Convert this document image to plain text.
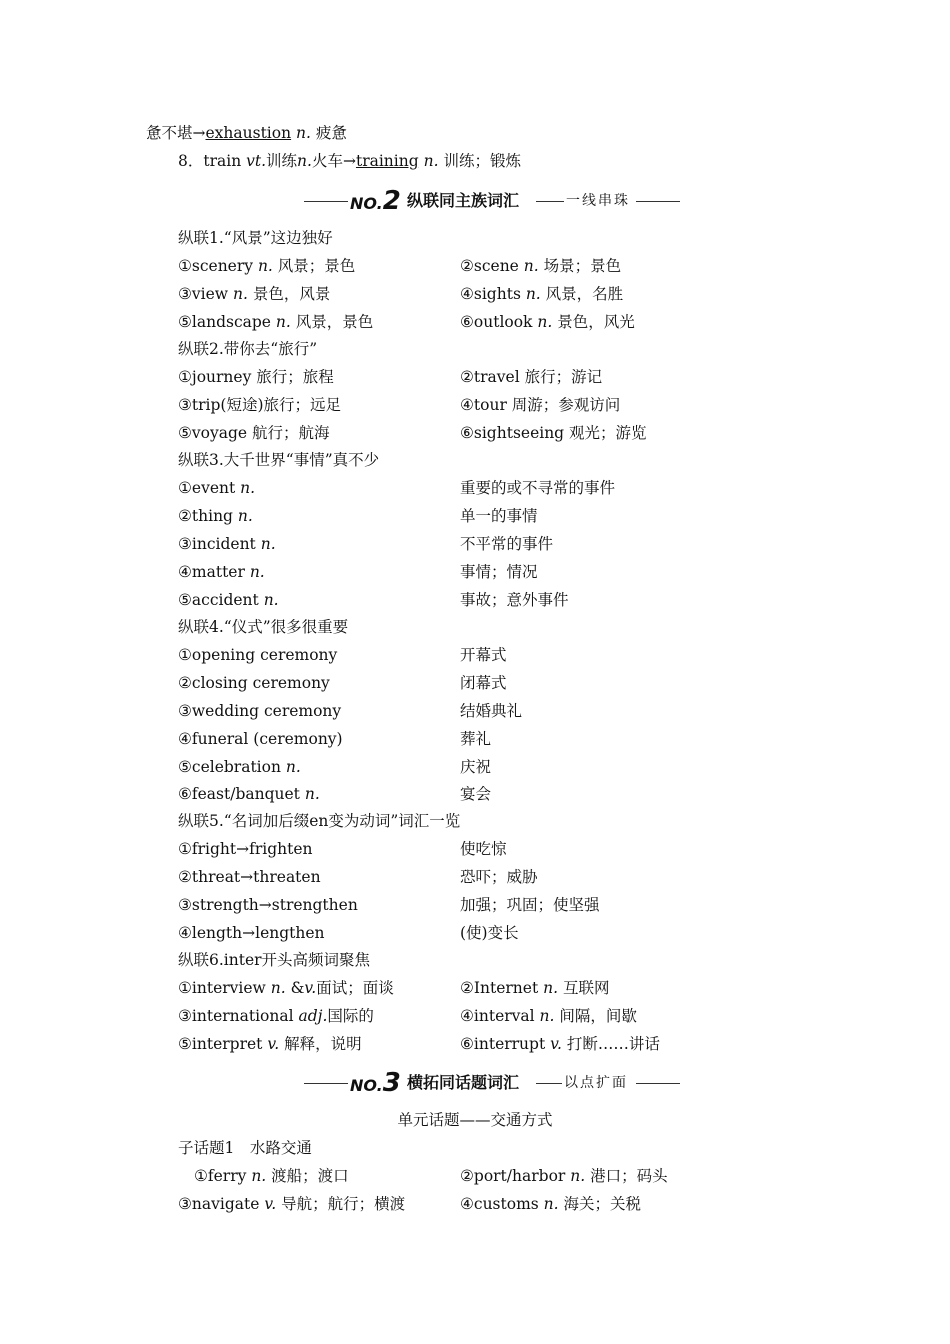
惫不堪→exhaustion n. 疲惫
8．train vt.训练n.火车→training n. 训练；锻炼
NO.2 纵联同主族词汇	一线串珠
纵联1.“风景”这边独好
①scenery n. 风景；景色	②scene n. 场景；景色
③view n. 景色，风景	④sights n. 风景，名胜
⑤landscape n. 风景，景色	⑥outlook n. 景色，风光
纵联2.带你去“旅行”
①journey 旅行；旅程	②travel 旅行；游记
③trip(短途)旅行；远足	④tour 周游；参观访问
⑤voyage 航行；航海	⑥sightseeing 观光；游览
纵联3.大千世界“事情”真不少
①event n.	重要的或不寻常的事件
②thing n.	单一的事情
③incident n.	不平常的事件
④matter n.	事情；情况
⑤accident n.	事故；意外事件
纵联4.“仪式”很多很重要
①opening ceremony	开幕式
②closing ceremony	闭幕式
③wedding ceremony	结婚典礼
④funeral (ceremony)	葬礼
⑤celebration n.	庆祝
⑥feast/banquet n.	宴会
纵联5.“名词加后缀en变为动词”词汇一览
①fright→frighten	使吃惊
②threat→threaten	恐吓；威胁
③strength→strengthen	加强；巩固；使坚强
④length→lengthen	(使)变长
纵联6.inter开头高频词聚焦
①interview n. &v.面试；面谈	②Internet n. 互联网
③international adj.国际的	④interval n. 间隔，间歇
⑤interpret v. 解释，说明	⑥interrupt v. 打断……讲话
NO.3 横拓同话题词汇	以点扩面
单元话题——交通方式
子话题1　水路交通
①ferry n. 渡船；渡口	②port/harbor n. 港口；码头
③navigate v. 导航；航行；横渡	④customs n. 海关；关税
